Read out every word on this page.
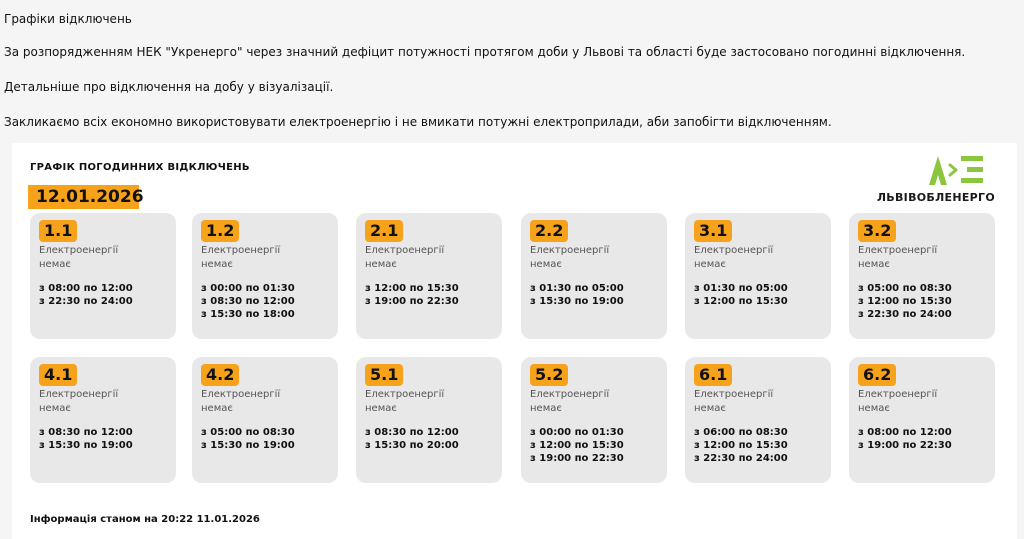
Графіки відключень

За розпорядженням НЕК "Укренерго" через значний дефіцит потужності протягом доби у Львові та області буде застосовано погодинні відключення.

Детальніше про відключення на добу у візуалізації.

Закликаємо всіх економно використовувати електроенергію і не вмикати потужні електроприлади, аби запобігти відключенням.

ГРАФІК ПОГОДИННИХ ВІДКЛЮЧЕНЬ
12.01.2026	ЛЬВІВОБЛЕНЕРГО
1.1
Електроенергії
немає
з 08:00 по 12:00
з 22:30 по 24:00
1.2
Електроенергії
немає
з 00:00 по 01:30
з 08:30 по 12:00
з 15:30 по 18:00
2.1
Електроенергії
немає
з 12:00 по 15:30
з 19:00 по 22:30
2.2
Електроенергії
немає
з 01:30 по 05:00
з 15:30 по 19:00
3.1
Електроенергії
немає
з 01:30 по 05:00
з 12:00 по 15:30
3.2
Електроенергії
немає
з 05:00 по 08:30
з 12:00 по 15:30
з 22:30 по 24:00
4.1
Електроенергії
немає
з 08:30 по 12:00
з 15:30 по 19:00
4.2
Електроенергії
немає
з 05:00 по 08:30
з 15:30 по 19:00
5.1
Електроенергії
немає
з 08:30 по 12:00
з 15:30 по 20:00
5.2
Електроенергії
немає
з 00:00 по 01:30
з 12:00 по 15:30
з 19:00 по 22:30
6.1
Електроенергії
немає
з 06:00 по 08:30
з 12:00 по 15:30
з 22:30 по 24:00
6.2
Електроенергії
немає
з 08:00 по 12:00
з 19:00 по 22:30
Інформація станом на 20:22 11.01.2026
